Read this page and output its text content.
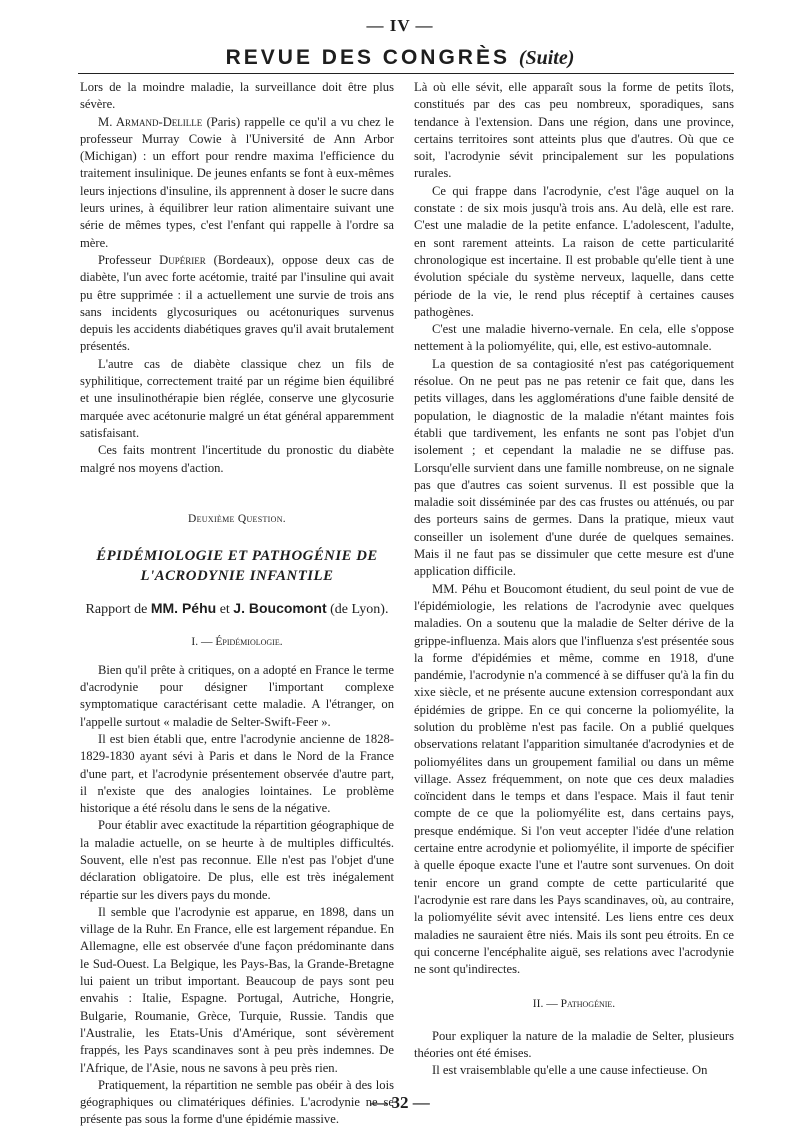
— IV —
REVUE DES CONGRÈS (Suite)

Lors de la moindre maladie, la surveillance doit être plus sévère.

M. Armand-Delille (Paris) rappelle ce qu'il a vu chez le professeur Murray Cowie à l'Université de Ann Arbor (Michigan) : un effort pour rendre maxima l'efficience du traitement insulinique. De jeunes enfants se font à eux-mêmes leurs injections d'insuline, ils apprennent à doser le sucre dans leurs urines, à équilibrer leur ration alimentaire suivant une série de mêmes types, c'est l'enfant qui rappelle à l'ordre sa mère.

Professeur Dupérier (Bordeaux), oppose deux cas de diabète, l'un avec forte acétomie, traité par l'insuline qui avait pu être supprimée : il a actuellement une survie de trois ans sans incidents glycosuriques ou acétonuriques survenus depuis les accidents diabétiques graves qu'il avait brutalement présentés.

L'autre cas de diabète classique chez un fils de syphilitique, correctement traité par un régime bien équilibré et une insulinothérapie bien réglée, conserve une glycosurie marquée avec acétonurie malgré un état général apparemment satisfaisant.

Ces faits montrent l'incertitude du pronostic du diabète malgré nos moyens d'action.

Deuxième Question.

ÉPIDÉMIOLOGIE ET PATHOGÉNIE DE
L'ACRODYNIE INFANTILE

Rapport de MM. Péhu et J. Boucomont (de Lyon).

I. — Épidémiologie.

Bien qu'il prête à critiques, on a adopté en France le terme d'acrodynie pour désigner l'important complexe symptomatique caractérisant cette maladie. A l'étranger, on l'appelle surtout « maladie de Selter-Swift-Feer ».

Il est bien établi que, entre l'acrodynie ancienne de 1828-1829-1830 ayant sévi à Paris et dans le Nord de la France d'une part, et l'acrodynie présentement observée d'autre part, il n'existe que des analogies lointaines. Le problème historique a été résolu dans le sens de la négative.

Pour établir avec exactitude la répartition géographique de la maladie actuelle, on se heurte à de multiples difficultés. Souvent, elle n'est pas reconnue. Elle n'est pas l'objet d'une déclaration obligatoire. De plus, elle est très inégalement répartie sur les divers pays du monde.

Il semble que l'acrodynie est apparue, en 1898, dans un village de la Ruhr. En France, elle est largement répandue. En Allemagne, elle est observée d'une façon prédominante dans le Sud-Ouest. La Belgique, les Pays-Bas, la Grande-Bretagne lui paient un tribut important. Beaucoup de pays sont peu envahis : Italie, Espagne. Portugal, Autriche, Hongrie, Bulgarie, Roumanie, Grèce, Turquie, Russie. Tandis que l'Australie, les Etats-Unis d'Amérique, sont sévèrement frappés, les Pays scandinaves sont à peu près indemnes. De l'Afrique, de l'Asie, nous ne savons à peu près rien.

Pratiquement, la répartition ne semble pas obéir à des lois géographiques ou climatériques définies. L'acrodynie ne se présente pas sous la forme d'une épidémie massive.

Là où elle sévit, elle apparaît sous la forme de petits îlots, constitués par des cas peu nombreux, sporadiques, sans tendance à l'extension. Dans une région, dans une province, certains territoires sont atteints plus que d'autres. Où que ce soit, l'acrodynie sévit principalement sur les populations rurales.

Ce qui frappe dans l'acrodynie, c'est l'âge auquel on la constate : de six mois jusqu'à trois ans. Au delà, elle est rare. C'est une maladie de la petite enfance. L'adolescent, l'adulte, en sont rarement atteints. La raison de cette particularité chronologique est incertaine. Il est probable qu'elle tient à une évolution spéciale du système nerveux, laquelle, dans cette période de la vie, le rend plus réceptif à certaines causes pathogènes.

C'est une maladie hiverno-vernale. En cela, elle s'oppose nettement à la poliomyélite, qui, elle, est estivo-automnale.

La question de sa contagiosité n'est pas catégoriquement résolue. On ne peut pas ne pas retenir ce fait que, dans les petits villages, dans les agglomérations d'une faible densité de population, le diagnostic de la maladie n'étant maintes fois établi que tardivement, les enfants ne sont pas l'objet d'un isolement ; et cependant la maladie ne se diffuse pas. Lorsqu'elle survient dans une famille nombreuse, on ne signale pas que d'autres cas soient survenus. Il est possible que la maladie soit disséminée par des cas frustes ou atténués, ou par des porteurs sains de germes. Dans la pratique, mieux vaut conseiller un isolement d'une durée de quelques semaines. Mais il ne faut pas se dissimuler que cette mesure est d'une application difficile.

MM. Péhu et Boucomont étudient, du seul point de vue de l'épidémiologie, les relations de l'acrodynie avec quelques maladies. On a soutenu que la maladie de Selter dérive de la grippe-influenza. Mais alors que l'influenza s'est présentée sous la forme d'épidémies et même, comme en 1918, d'une pandémie, l'acrodynie n'a commencé à se diffuser qu'à la fin du xixe siècle, et ne présente aucune extension correspondant aux épidémies de grippe. En ce qui concerne la poliomyélite, la solution du problème n'est pas facile. On a publié quelques observations relatant l'apparition simultanée d'acrodynies et de poliomyélites dans un groupement familial ou dans un même village. Assez fréquemment, on note que ces deux maladies coïncident dans le temps et dans l'espace. Mais il faut tenir compte de ce que la poliomyélite est, dans certains pays, presque endémique. Si l'on veut accepter l'idée d'une relation certaine entre acrodynie et poliomyélite, il importe de spécifier à quelle époque exacte l'une et l'autre sont survenues. On doit tenir encore un grand compte de cette particularité que l'acrodynie est rare dans les Pays scandinaves, où, au contraire, la poliomyélite sévit avec intensité. Les liens entre ces deux maladies ne sauraient être niés. Mais ils sont peu étroits. En ce qui concerne l'encéphalite aiguë, ses relations avec l'acrodynie ne sont qu'indirectes.

II. — Pathogénie.

Pour expliquer la nature de la maladie de Selter, plusieurs théories ont été émises.

Il est vraisemblable qu'elle a une cause infectieuse. On

— 32 —
